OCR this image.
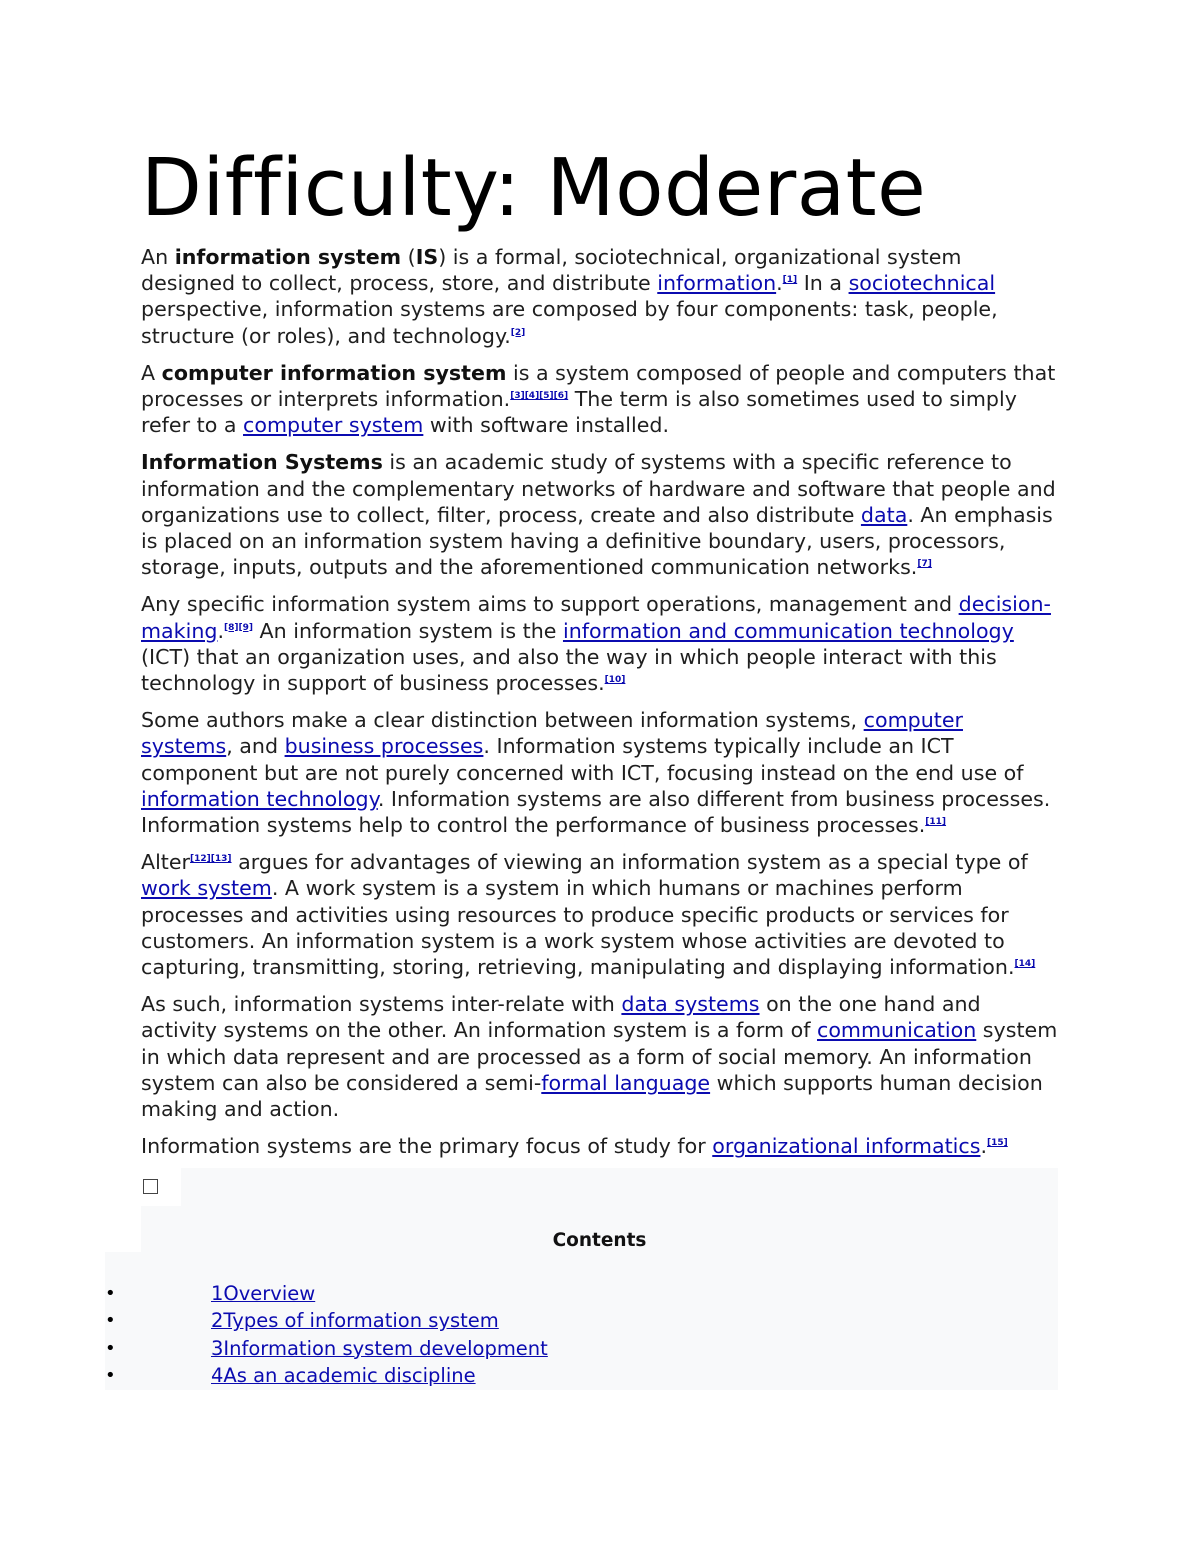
Difficulty: Moderate

An information system (IS) is a formal, sociotechnical, organizational system designed to collect, process, store, and distribute information.[1] In a sociotechnical perspective, information systems are composed by four components: task, people, structure (or roles), and technology.[2]

A computer information system is a system composed of people and computers that processes or interprets information.[3][4][5][6] The term is also sometimes used to simply refer to a computer system with software installed.

Information Systems is an academic study of systems with a specific reference to information and the complementary networks of hardware and software that people and organizations use to collect, filter, process, create and also distribute data. An emphasis is placed on an information system having a definitive boundary, users, processors, storage, inputs, outputs and the aforementioned communication networks.[7]

Any specific information system aims to support operations, management and decision-making.[8][9] An information system is the information and communication technology (ICT) that an organization uses, and also the way in which people interact with this technology in support of business processes.[10]

Some authors make a clear distinction between information systems, computer systems, and business processes. Information systems typically include an ICT component but are not purely concerned with ICT, focusing instead on the end use of information technology. Information systems are also different from business processes. Information systems help to control the performance of business processes.[11]

Alter[12][13] argues for advantages of viewing an information system as a special type of work system. A work system is a system in which humans or machines perform processes and activities using resources to produce specific products or services for customers. An information system is a work system whose activities are devoted to capturing, transmitting, storing, retrieving, manipulating and displaying information.[14]

As such, information systems inter-relate with data systems on the one hand and activity systems on the other. An information system is a form of communication system in which data represent and are processed as a form of social memory. An information system can also be considered a semi-formal language which supports human decision making and action.

Information systems are the primary focus of study for organizational informatics.[15]

Contents
•	1Overview
•	2Types of information system
•	3Information system development
•	4As an academic discipline
